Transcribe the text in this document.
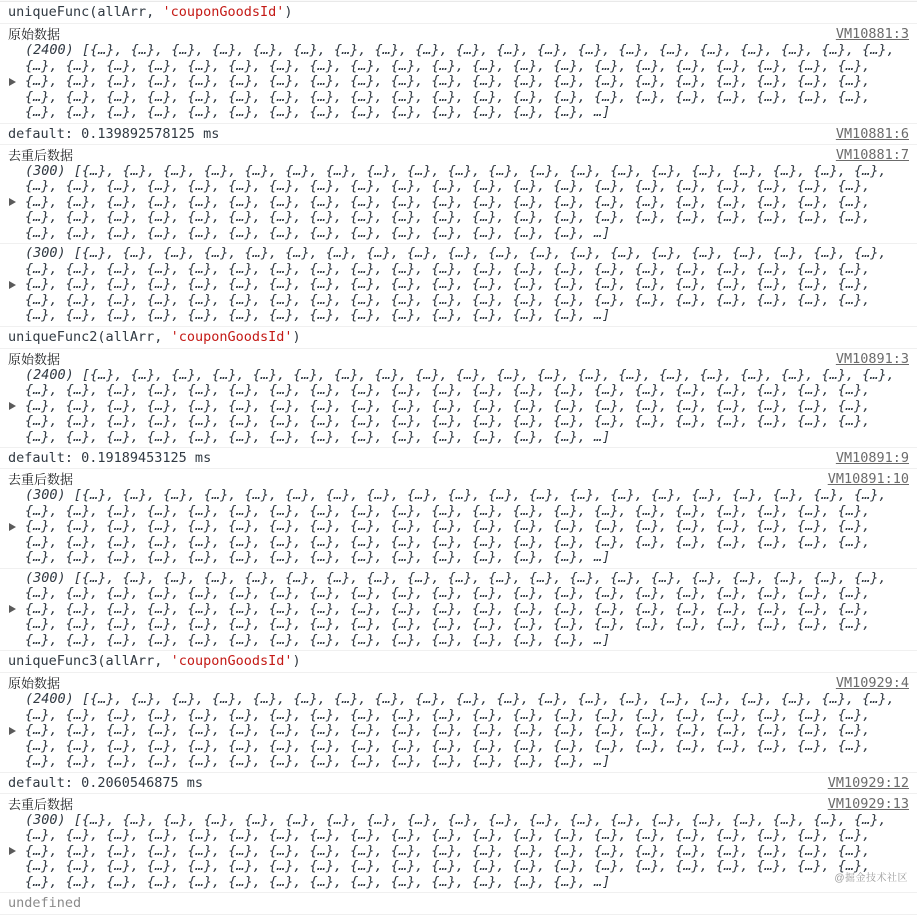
uniqueFunc(allArr, 'couponGoodsId')
VM10881:3
原始数据
(2400) [{…}, {…}, {…}, {…}, {…}, {…}, {…}, {…}, {…}, {…}, {…}, {…}, {…}, {…}, {…}, {…}, {…}, {…}, {…}, {…}, {…}, {…}, {…}, {…}, {…}, {…}, {…}, {…}, {…}, {…}, {…}, {…}, {…}, {…}, {…}, {…}, {…}, {…}, {…}, {…}, {…}, {…}, {…}, {…}, {…}, {…}, {…}, {…}, {…}, {…}, {…}, {…}, {…}, {…}, {…}, {…}, {…}, {…}, {…}, {…}, {…}, {…}, {…}, {…}, {…}, {…}, {…}, {…}, {…}, {…}, {…}, {…}, {…}, {…}, {…}, {…}, {…}, {…}, {…}, {…}, {…}, {…}, {…}, {…}, {…}, {…}, {…}, {…}, {…}, {…}, {…}, {…}, {…}, {…}, {…}, {…}, {…}, …]
VM10881:6
default: 0.139892578125 ms
VM10881:7
去重后数据
(300) [{…}, {…}, {…}, {…}, {…}, {…}, {…}, {…}, {…}, {…}, {…}, {…}, {…}, {…}, {…}, {…}, {…}, {…}, {…}, {…}, {…}, {…}, {…}, {…}, {…}, {…}, {…}, {…}, {…}, {…}, {…}, {…}, {…}, {…}, {…}, {…}, {…}, {…}, {…}, {…}, {…}, {…}, {…}, {…}, {…}, {…}, {…}, {…}, {…}, {…}, {…}, {…}, {…}, {…}, {…}, {…}, {…}, {…}, {…}, {…}, {…}, {…}, {…}, {…}, {…}, {…}, {…}, {…}, {…}, {…}, {…}, {…}, {…}, {…}, {…}, {…}, {…}, {…}, {…}, {…}, {…}, {…}, {…}, {…}, {…}, {…}, {…}, {…}, {…}, {…}, {…}, {…}, {…}, {…}, {…}, {…}, {…}, …]
(300) [{…}, {…}, {…}, {…}, {…}, {…}, {…}, {…}, {…}, {…}, {…}, {…}, {…}, {…}, {…}, {…}, {…}, {…}, {…}, {…}, {…}, {…}, {…}, {…}, {…}, {…}, {…}, {…}, {…}, {…}, {…}, {…}, {…}, {…}, {…}, {…}, {…}, {…}, {…}, {…}, {…}, {…}, {…}, {…}, {…}, {…}, {…}, {…}, {…}, {…}, {…}, {…}, {…}, {…}, {…}, {…}, {…}, {…}, {…}, {…}, {…}, {…}, {…}, {…}, {…}, {…}, {…}, {…}, {…}, {…}, {…}, {…}, {…}, {…}, {…}, {…}, {…}, {…}, {…}, {…}, {…}, {…}, {…}, {…}, {…}, {…}, {…}, {…}, {…}, {…}, {…}, {…}, {…}, {…}, {…}, {…}, {…}, …]
uniqueFunc2(allArr, 'couponGoodsId')
VM10891:3
原始数据
(2400) [{…}, {…}, {…}, {…}, {…}, {…}, {…}, {…}, {…}, {…}, {…}, {…}, {…}, {…}, {…}, {…}, {…}, {…}, {…}, {…}, {…}, {…}, {…}, {…}, {…}, {…}, {…}, {…}, {…}, {…}, {…}, {…}, {…}, {…}, {…}, {…}, {…}, {…}, {…}, {…}, {…}, {…}, {…}, {…}, {…}, {…}, {…}, {…}, {…}, {…}, {…}, {…}, {…}, {…}, {…}, {…}, {…}, {…}, {…}, {…}, {…}, {…}, {…}, {…}, {…}, {…}, {…}, {…}, {…}, {…}, {…}, {…}, {…}, {…}, {…}, {…}, {…}, {…}, {…}, {…}, {…}, {…}, {…}, {…}, {…}, {…}, {…}, {…}, {…}, {…}, {…}, {…}, {…}, {…}, {…}, {…}, {…}, …]
VM10891:9
default: 0.19189453125 ms
VM10891:10
去重后数据
(300) [{…}, {…}, {…}, {…}, {…}, {…}, {…}, {…}, {…}, {…}, {…}, {…}, {…}, {…}, {…}, {…}, {…}, {…}, {…}, {…}, {…}, {…}, {…}, {…}, {…}, {…}, {…}, {…}, {…}, {…}, {…}, {…}, {…}, {…}, {…}, {…}, {…}, {…}, {…}, {…}, {…}, {…}, {…}, {…}, {…}, {…}, {…}, {…}, {…}, {…}, {…}, {…}, {…}, {…}, {…}, {…}, {…}, {…}, {…}, {…}, {…}, {…}, {…}, {…}, {…}, {…}, {…}, {…}, {…}, {…}, {…}, {…}, {…}, {…}, {…}, {…}, {…}, {…}, {…}, {…}, {…}, {…}, {…}, {…}, {…}, {…}, {…}, {…}, {…}, {…}, {…}, {…}, {…}, {…}, {…}, {…}, {…}, …]
(300) [{…}, {…}, {…}, {…}, {…}, {…}, {…}, {…}, {…}, {…}, {…}, {…}, {…}, {…}, {…}, {…}, {…}, {…}, {…}, {…}, {…}, {…}, {…}, {…}, {…}, {…}, {…}, {…}, {…}, {…}, {…}, {…}, {…}, {…}, {…}, {…}, {…}, {…}, {…}, {…}, {…}, {…}, {…}, {…}, {…}, {…}, {…}, {…}, {…}, {…}, {…}, {…}, {…}, {…}, {…}, {…}, {…}, {…}, {…}, {…}, {…}, {…}, {…}, {…}, {…}, {…}, {…}, {…}, {…}, {…}, {…}, {…}, {…}, {…}, {…}, {…}, {…}, {…}, {…}, {…}, {…}, {…}, {…}, {…}, {…}, {…}, {…}, {…}, {…}, {…}, {…}, {…}, {…}, {…}, {…}, {…}, {…}, …]
uniqueFunc3(allArr, 'couponGoodsId')
VM10929:4
原始数据
(2400) [{…}, {…}, {…}, {…}, {…}, {…}, {…}, {…}, {…}, {…}, {…}, {…}, {…}, {…}, {…}, {…}, {…}, {…}, {…}, {…}, {…}, {…}, {…}, {…}, {…}, {…}, {…}, {…}, {…}, {…}, {…}, {…}, {…}, {…}, {…}, {…}, {…}, {…}, {…}, {…}, {…}, {…}, {…}, {…}, {…}, {…}, {…}, {…}, {…}, {…}, {…}, {…}, {…}, {…}, {…}, {…}, {…}, {…}, {…}, {…}, {…}, {…}, {…}, {…}, {…}, {…}, {…}, {…}, {…}, {…}, {…}, {…}, {…}, {…}, {…}, {…}, {…}, {…}, {…}, {…}, {…}, {…}, {…}, {…}, {…}, {…}, {…}, {…}, {…}, {…}, {…}, {…}, {…}, {…}, {…}, {…}, {…}, …]
VM10929:12
default: 0.2060546875 ms
VM10929:13
去重后数据
(300) [{…}, {…}, {…}, {…}, {…}, {…}, {…}, {…}, {…}, {…}, {…}, {…}, {…}, {…}, {…}, {…}, {…}, {…}, {…}, {…}, {…}, {…}, {…}, {…}, {…}, {…}, {…}, {…}, {…}, {…}, {…}, {…}, {…}, {…}, {…}, {…}, {…}, {…}, {…}, {…}, {…}, {…}, {…}, {…}, {…}, {…}, {…}, {…}, {…}, {…}, {…}, {…}, {…}, {…}, {…}, {…}, {…}, {…}, {…}, {…}, {…}, {…}, {…}, {…}, {…}, {…}, {…}, {…}, {…}, {…}, {…}, {…}, {…}, {…}, {…}, {…}, {…}, {…}, {…}, {…}, {…}, {…}, {…}, {…}, {…}, {…}, {…}, {…}, {…}, {…}, {…}, {…}, {…}, {…}, {…}, {…}, {…}, …]
undefined
@掘金技术社区
